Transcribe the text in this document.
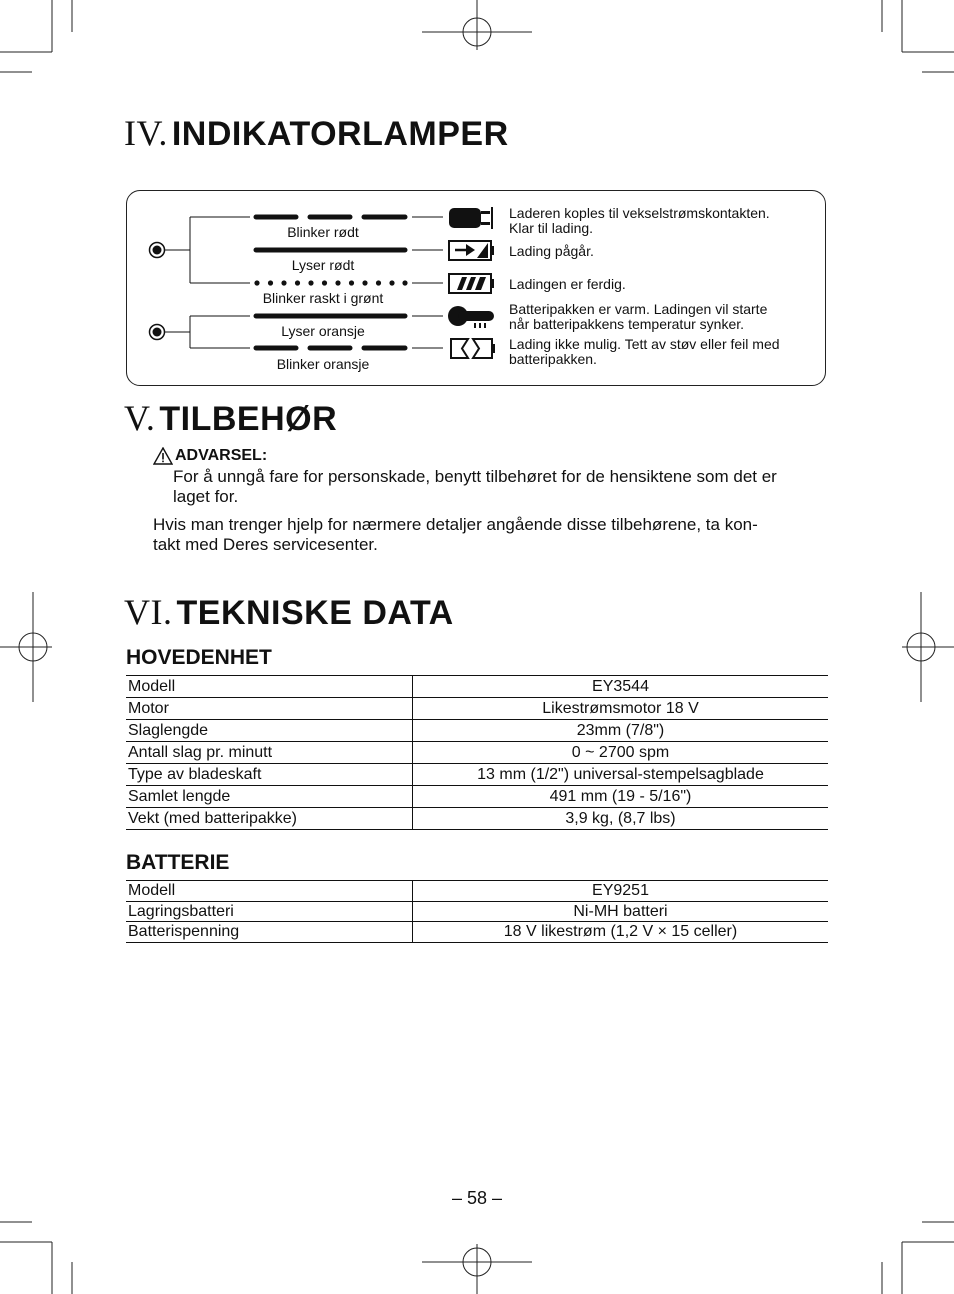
IV. INDIKATORLAMPER
Blinker rødt
Lyser rødt
Blinker raskt i grønt
Lyser oransje
Blinker oransje
Laderen koples til vekselstrømskontakten.
Klar til lading.
Lading pågår.
Ladingen er ferdig.
Batteripakken er varm. Ladingen vil starte
når batteripakkens temperatur synker.
Lading ikke mulig. Tett av støv eller feil med
batteripakken.
V. TILBEHØR
ADVARSEL:
For å unngå fare for personskade, benytt tilbehøret for de hensiktene som det er
laget for.
Hvis man trenger hjelp for nærmere detaljer angående disse tilbehørene, ta kon-
takt med Deres servicesenter.
VI. TEKNISKE DATA
HOVEDENHET
Modell	EY3544
Motor	Likestrømsmotor 18 V
Slaglengde	23mm (7/8")
Antall slag pr. minutt	0 ~ 2700 spm
Type av bladeskaft	13 mm (1/2") universal-stempelsagblade
Samlet lengde	491 mm (19 - 5/16")
Vekt (med batteripakke)	3,9 kg, (8,7 lbs)
BATTERIE
Modell	EY9251
Lagringsbatteri	Ni-MH batteri
Batterispenning	18 V likestrøm (1,2 V × 15 celler)
– 58 –
